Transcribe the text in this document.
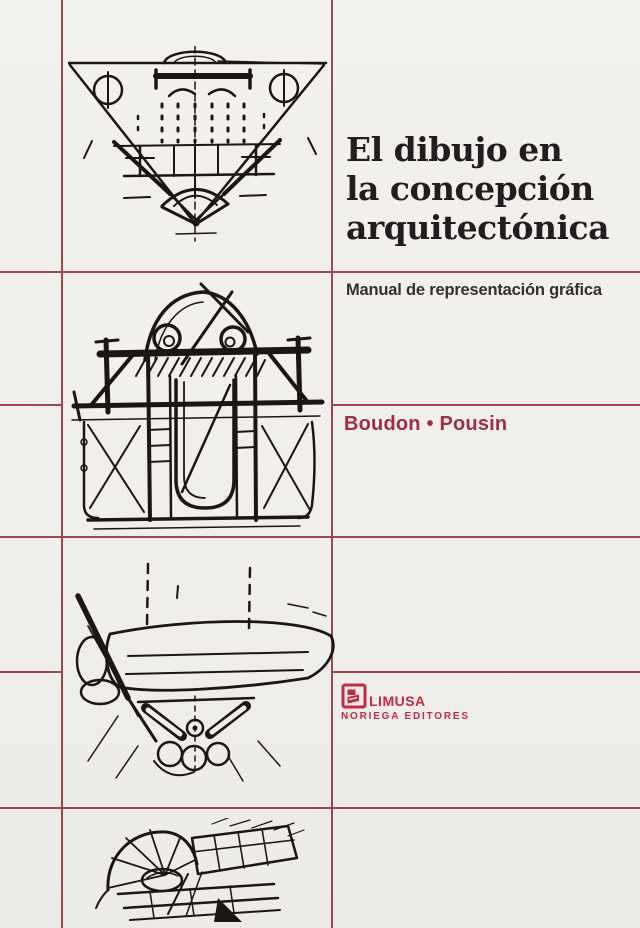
El dibujo en
la concepción
arquitectónica
Manual de representación gráfica
Boudon • Pousin
LIMUSA
NORIEGA EDITORES
